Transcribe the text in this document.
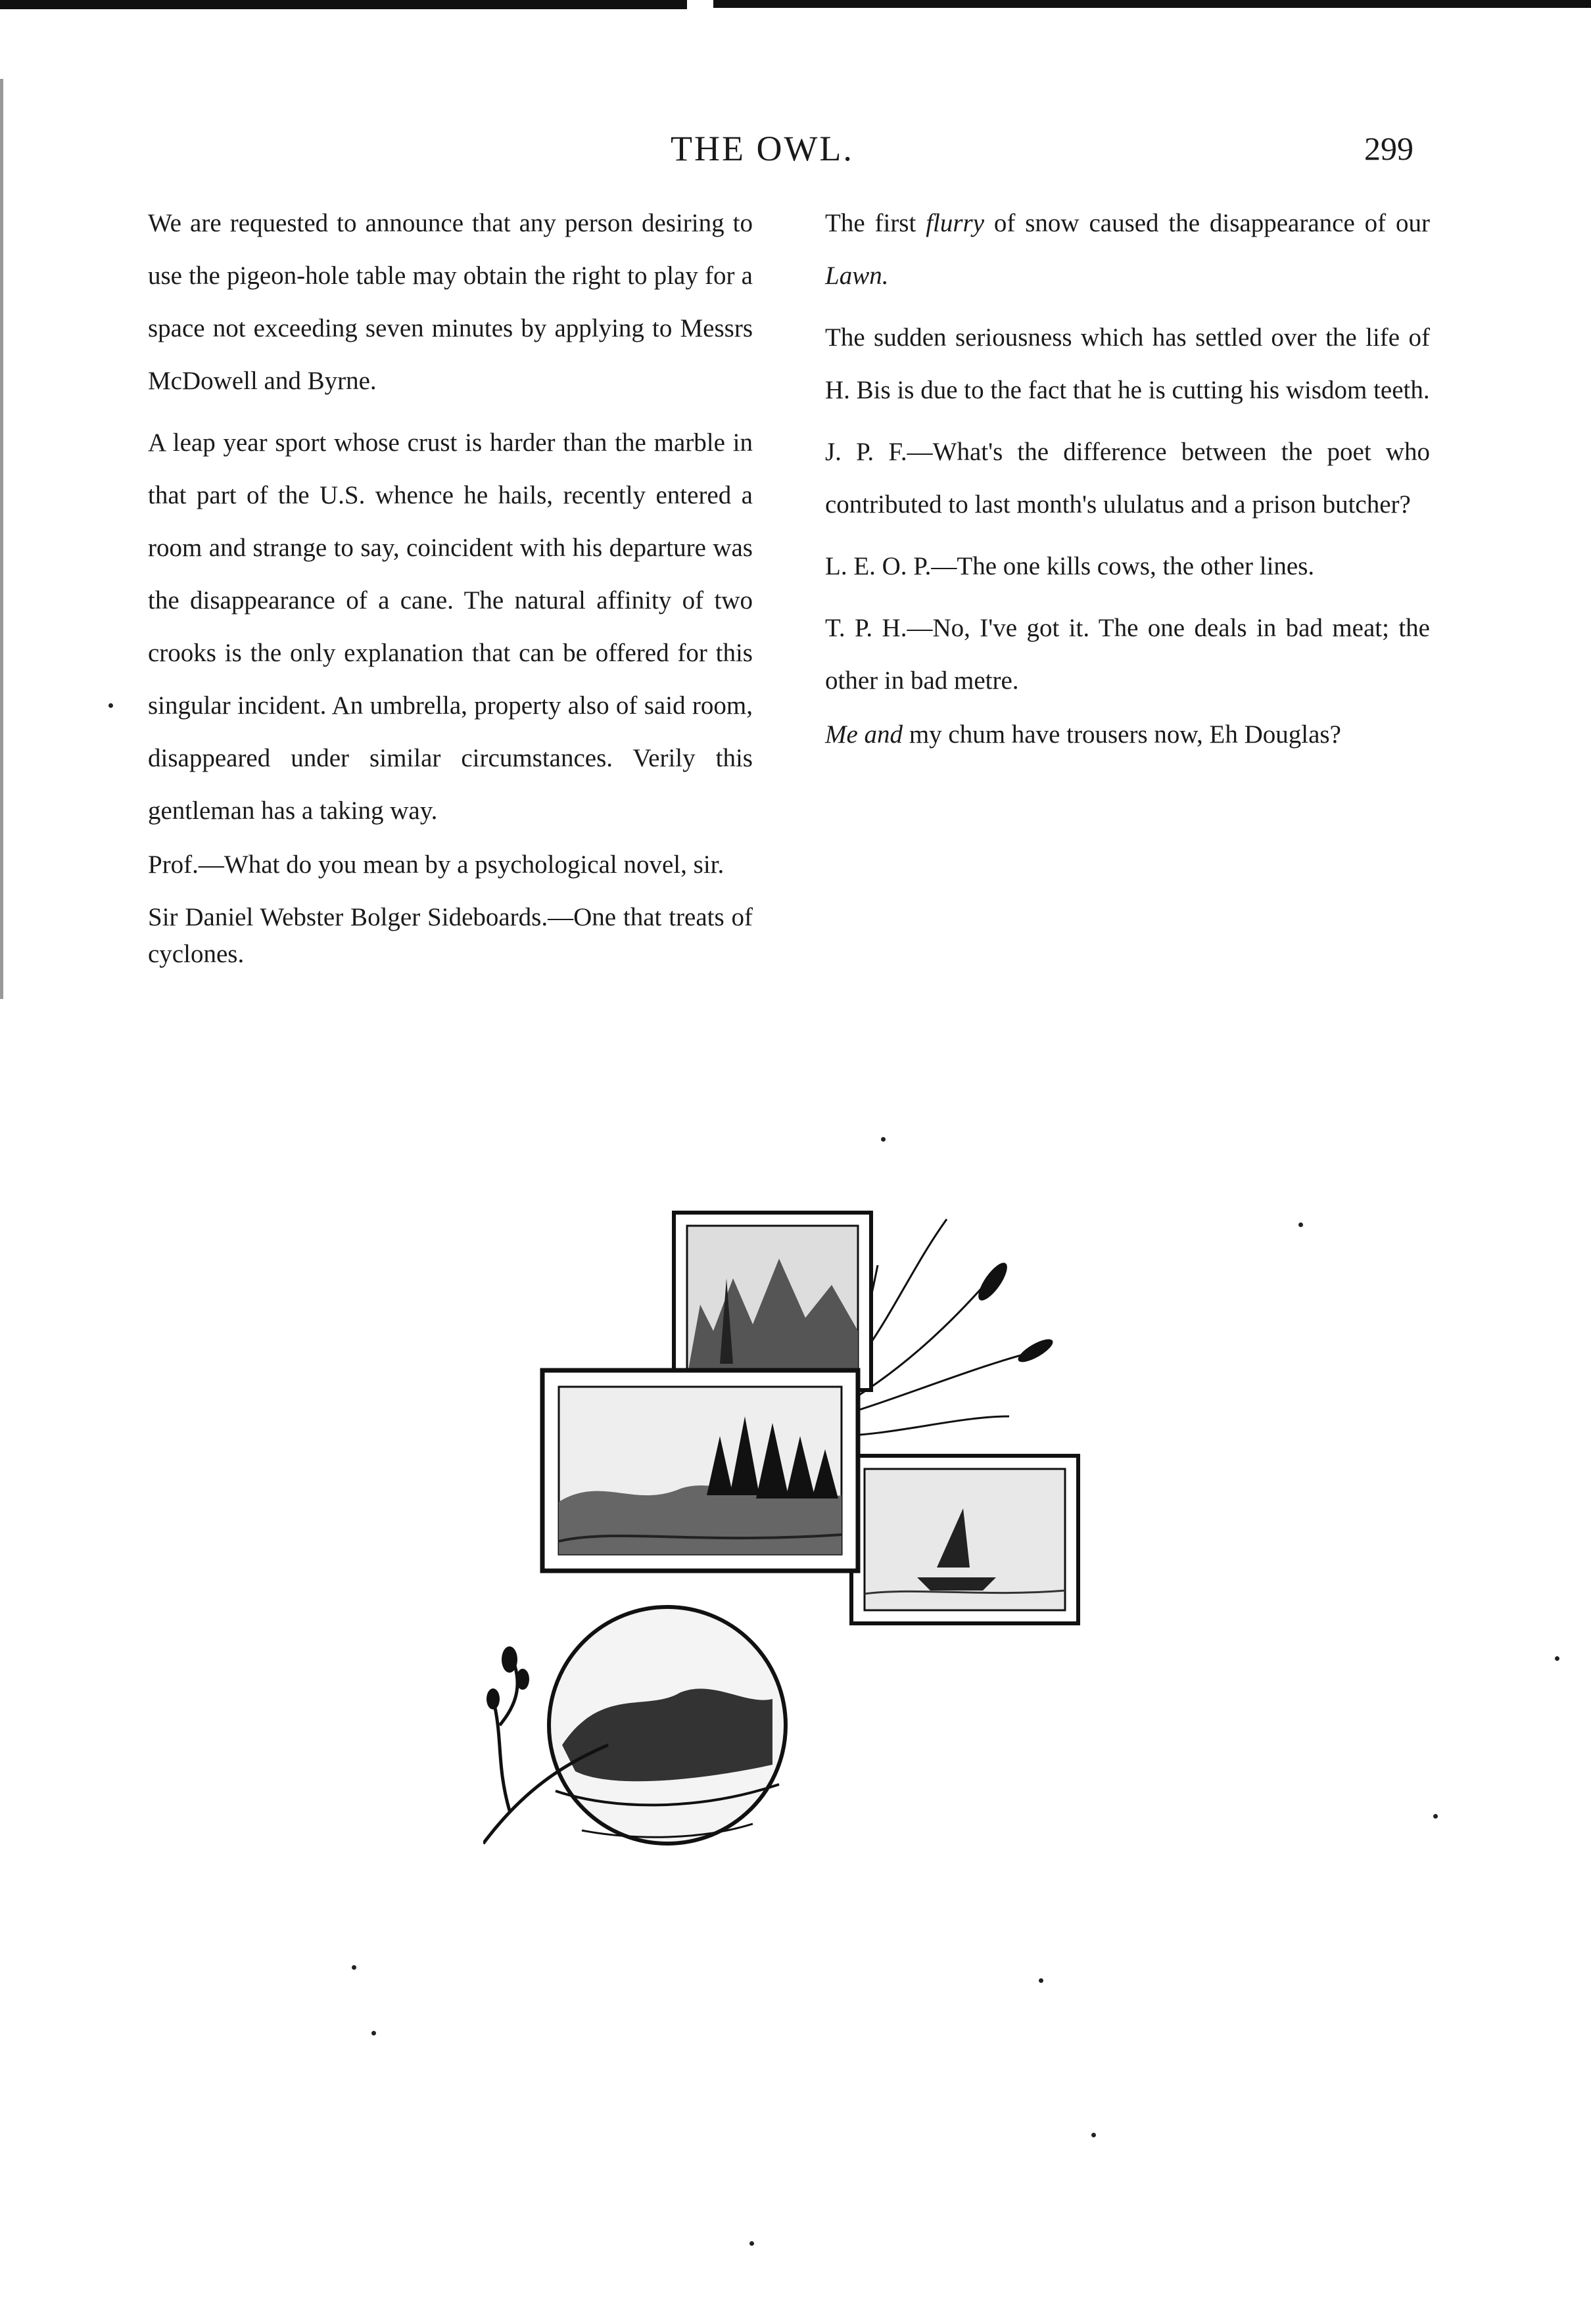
THE OWL.	299

We are requested to announce that any person desiring to use the pigeon-hole table may obtain the right to play for a space not exceeding seven minutes by applying to Messrs McDowell and Byrne.

A leap year sport whose crust is harder than the marble in that part of the U.S. whence he hails, recently entered a room and strange to say, coincident with his departure was the disappearance of a cane. The natural affinity of two crooks is the only explanation that can be offered for this singular incident. An umbrella, property also of said room, disappeared under similar circumstances. Verily this gentleman has a taking way.

Prof.—What do you mean by a psychological novel, sir.

Sir Daniel Webster Bolger Sideboards.—One that treats of cyclones.

The first flurry of snow caused the disappearance of our Lawn.

The sudden seriousness which has settled over the life of H. Bis is due to the fact that he is cutting his wisdom teeth.

J. P. F.—What's the difference between the poet who contributed to last month's ululatus and a prison butcher?

L. E. O. P.—The one kills cows, the other lines.

T. P. H.—No, I've got it. The one deals in bad meat; the other in bad metre.

Me and my chum have trousers now, Eh Douglas?
